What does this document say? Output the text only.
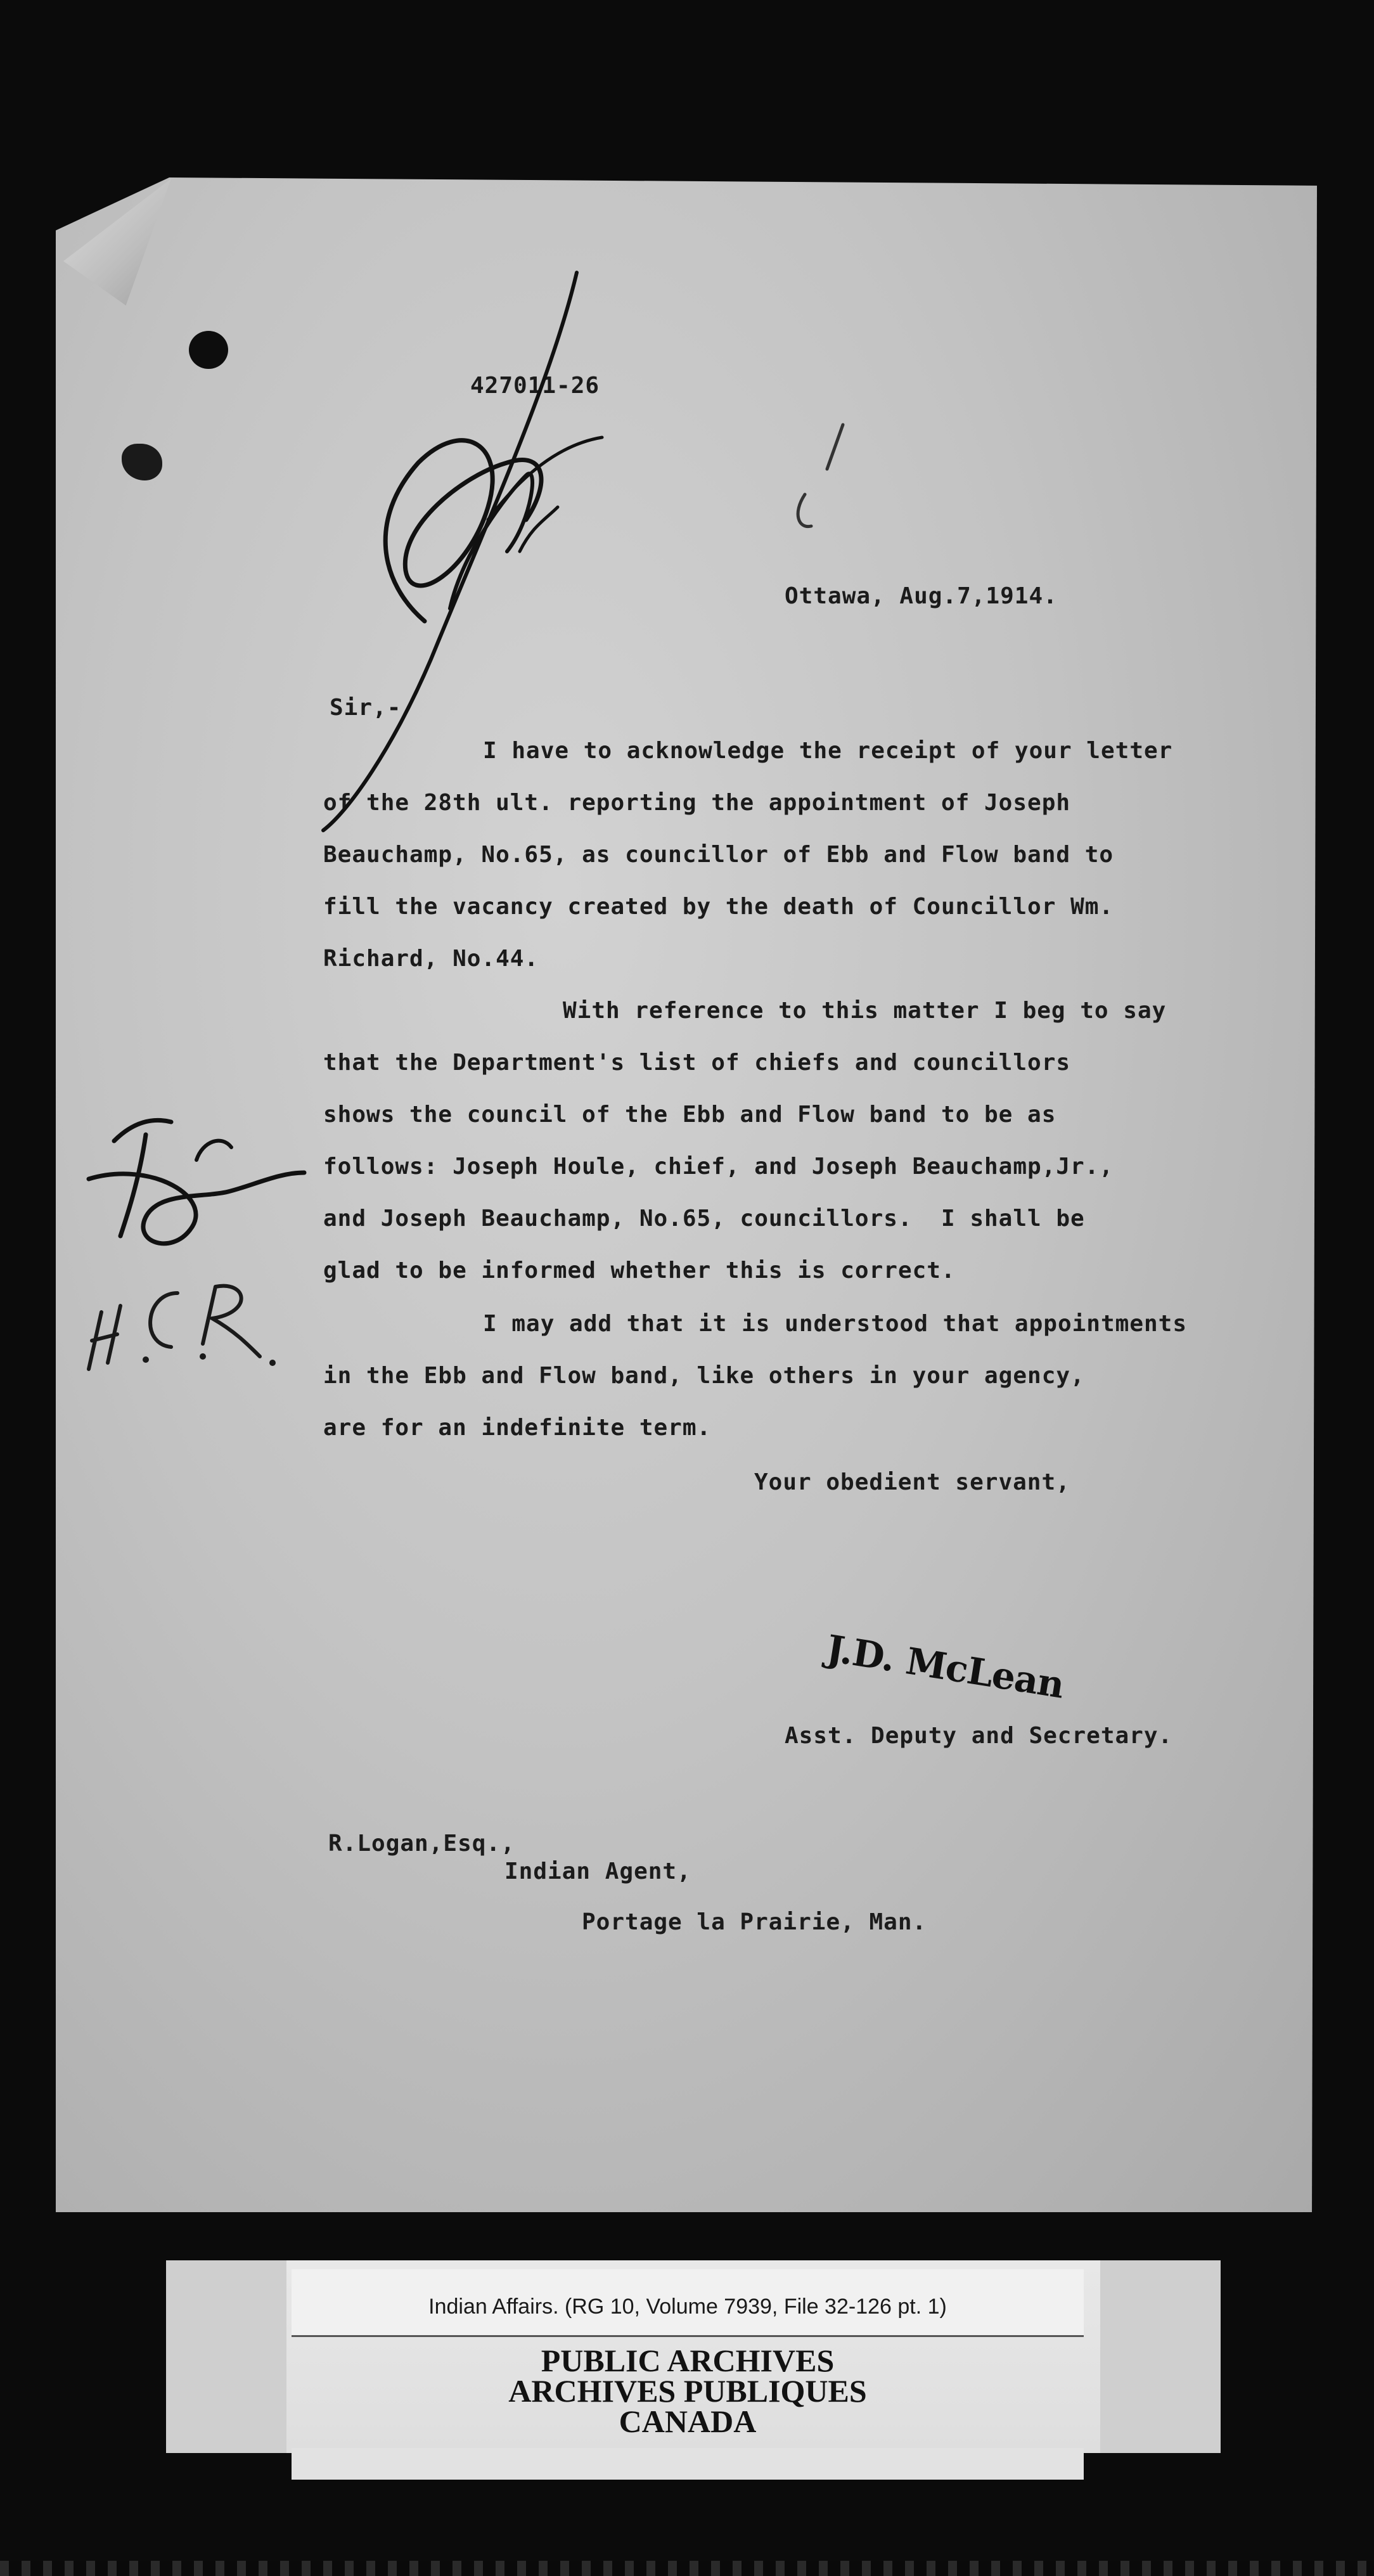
427011-26

Ottawa, Aug.7,1914.

Sir,-

I have to acknowledge the receipt of your letter

of the 28th ult. reporting the appointment of Joseph

Beauchamp, No.65, as councillor of Ebb and Flow band to

fill the vacancy created by the death of Councillor Wm.

Richard, No.44.

With reference to this matter I beg to say

that the Department's list of chiefs and councillors

shows the council of the Ebb and Flow band to be as

follows: Joseph Houle, chief, and Joseph Beauchamp,Jr.,

and Joseph Beauchamp, No.65, councillors.  I shall be

glad to be informed whether this is correct.

I may add that it is understood that appointments

in the Ebb and Flow band, like others in your agency,

are for an indefinite term.

Your obedient servant,

J.D. McLean

Asst. Deputy and Secretary.

R.Logan,Esq.,

Indian Agent,

Portage la Prairie, Man.

Indian Affairs. (RG 10, Volume 7939, File 32-126 pt. 1)

PUBLIC ARCHIVES
ARCHIVES PUBLIQUES
CANADA
